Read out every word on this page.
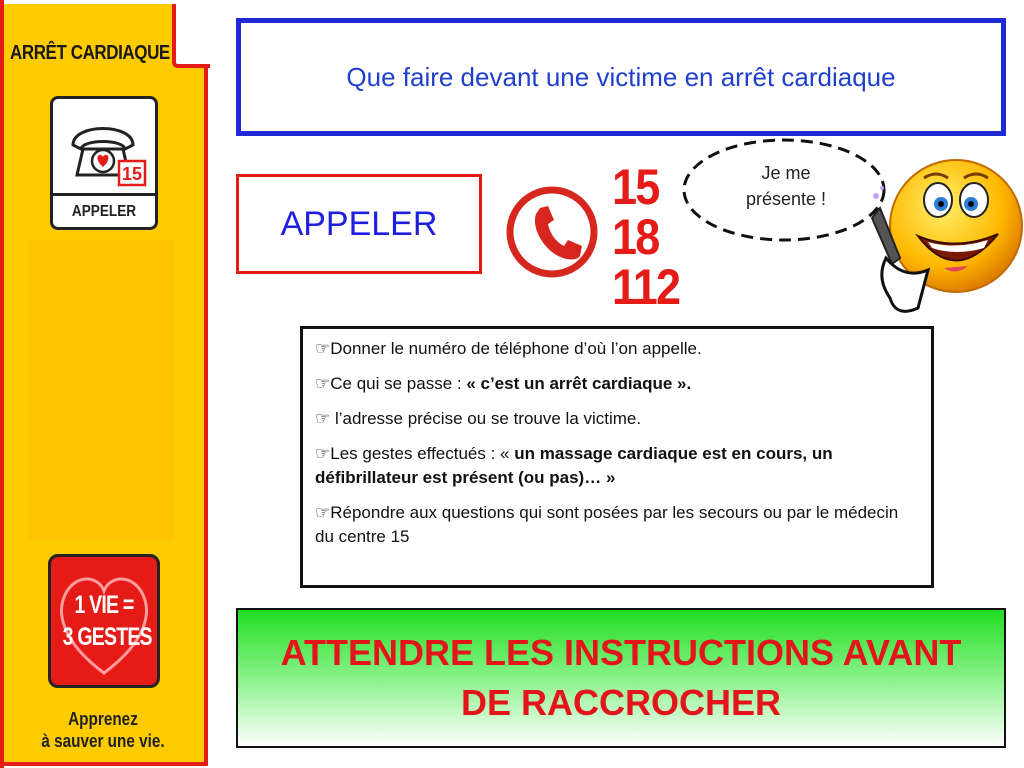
ARRÊT CARDIAQUE
15
APPELER
1 VIE =
3 GESTES
Apprenez
à sauver une vie.
Que faire devant une victime en arrêt cardiaque
APPELER
15
18
112
Je me
présente !
☞Donner le numéro de téléphone d’où l’on appelle.
☞Ce qui se passe : « c’est un arrêt cardiaque ».
☞ l’adresse précise ou se trouve la victime.
☞Les gestes effectués : « un massage cardiaque est en cours, un défibrillateur est présent (ou pas)… »
☞Répondre aux questions qui sont posées par les secours ou par le médecin du centre 15
ATTENDRE LES INSTRUCTIONS AVANT DE RACCROCHER
